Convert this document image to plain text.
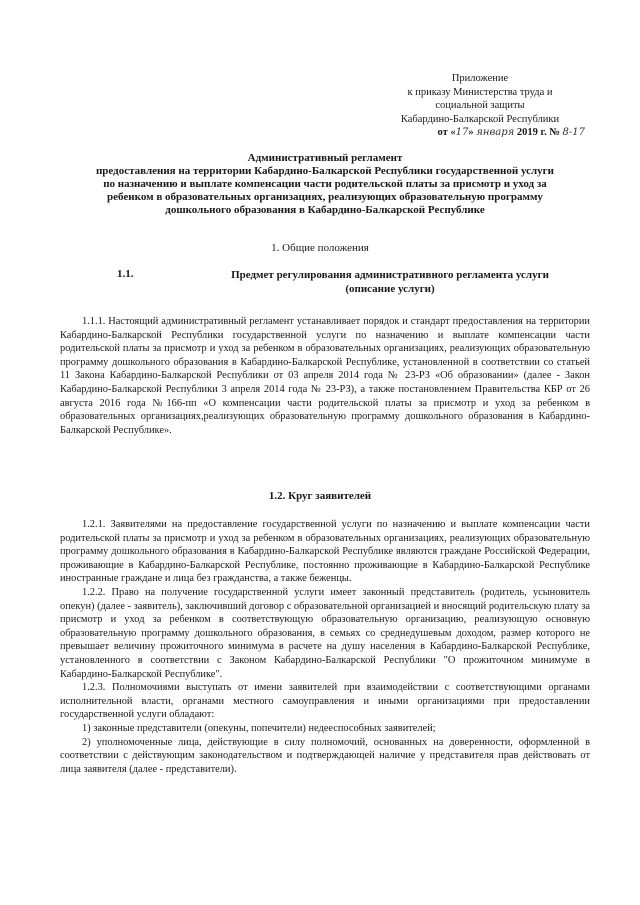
Приложение
к приказу Министерства труда и
социальной защиты
Кабардино-Балкарской Республики
от «17» января 2019 г. № 8-17
Административный регламент
предоставления на территории Кабардино-Балкарской Республики государственной услуги
по назначению и выплате компенсации части родительской платы за присмотр и уход за
ребенком в образовательных организациях, реализующих образовательную программу
дошкольного образования в Кабардино-Балкарской Республике
1. Общие положения
1.1.	Предмет регулирования административного регламента услуги
(описание услуги)

1.1.1. Настоящий административный регламент устанавливает порядок и стандарт предоставления на территории Кабардино-Балкарской Республики государственной услуги по назначению и выплате компенсации части родительской платы за присмотр и уход за ребенком в образовательных организациях, реализующих образовательную программу дошкольного образования в Кабардино-Балкарской Республике, установленной в соответствии со статьей 11 Закона Кабардино-Балкарской Республики от 03 апреля 2014 года № 23-РЗ «Об образовании» (далее - Закон Кабардино-Балкарской Республики 3 апреля 2014 года № 23-РЗ), а также постановлением Правительства КБР от 26 августа 2016 года №166-пп «О компенсации части родительской платы за присмотр и уход за ребенком в образовательных организациях,реализующих образовательную программу дошкольного образования в Кабардино-Балкарской Республике».

1.2. Круг заявителей

1.2.1. Заявителями на предоставление государственной услуги по назначению и выплате компенсации части родительской платы за присмотр и уход за ребенком в образовательных организациях, реализующих образовательную программу дошкольного образования в Кабардино-Балкарской Республике являются граждане Российской Федерации, проживающие в Кабардино-Балкарской Республике, постоянно проживающие в Кабардино-Балкарской Республике иностранные граждане и лица без гражданства, а также беженцы.

1.2.2. Право на получение государственной услуги имеет законный представитель (родитель, усыновитель опекун) (далее - заявитель), заключивший договор с образовательной организацией и вносящий родительскую плату за присмотр и уход за ребенком в соответствующую образовательную организацию, реализующую основную образовательную программу дошкольного образования, в семьях со среднедушевым доходом, размер которого не превышает величину прожиточного минимума в расчете на душу населения в Кабардино-Балкарской Республике, установленного в соответствии с Законом Кабардино-Балкарской Республики "О прожиточном минимуме в Кабардино-Балкарской Республике".

1.2.3. Полномочиями выступать от имени заявителей при взаимодействии с соответствующими органами исполнительной власти, органами местного самоуправления и иными организациями при предоставлении государственной услуги обладают:

1) законные представители (опекуны, попечители) недееспособных заявителей;

2) уполномоченные лица, действующие в силу полномочий, основанных на доверенности, оформленной в соответствии с действующим законодательством и подтверждающей наличие у представителя прав действовать от лица заявителя (далее - представители).
